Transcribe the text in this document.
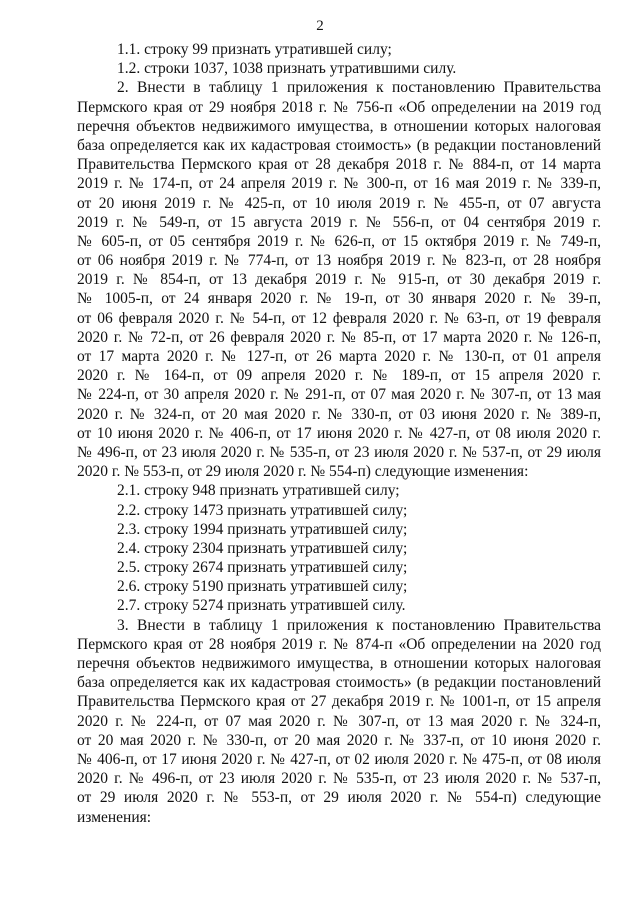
2
1.1. строку 99 признать утратившей силу;
1.2. строки 1037, 1038 признать утратившими силу.
2. Внести в таблицу 1 приложения к постановлению Правительства
Пермского края от 29 ноября 2018 г. № 756-п «Об определении на 2019 год
перечня объектов недвижимого имущества, в отношении которых налоговая
база определяется как их кадастровая стоимость» (в редакции постановлений
Правительства Пермского края от 28 декабря 2018 г. № 884-п, от 14 марта
2019 г. № 174-п, от 24 апреля 2019 г. № 300-п, от 16 мая 2019 г. № 339-п,
от 20 июня 2019 г. № 425-п, от 10 июля 2019 г. № 455-п, от 07 августа
2019 г. № 549-п, от 15 августа 2019 г. № 556-п, от 04 сентября 2019 г.
№ 605-п, от 05 сентября 2019 г. № 626-п, от 15 октября 2019 г. № 749-п,
от 06 ноября 2019 г. № 774-п, от 13 ноября 2019 г. № 823-п, от 28 ноября
2019 г. № 854-п, от 13 декабря 2019 г. № 915-п, от 30 декабря 2019 г.
№ 1005-п, от 24 января 2020 г. № 19-п, от 30 января 2020 г. № 39-п,
от 06 февраля 2020 г. № 54-п, от 12 февраля 2020 г. № 63-п, от 19 февраля
2020 г. № 72-п, от 26 февраля 2020 г. № 85-п, от 17 марта 2020 г. № 126-п,
от 17 марта 2020 г. № 127-п, от 26 марта 2020 г. № 130-п, от 01 апреля
2020 г. № 164-п, от 09 апреля 2020 г. № 189-п, от 15 апреля 2020 г.
№ 224-п, от 30 апреля 2020 г. № 291-п, от 07 мая 2020 г. № 307-п, от 13 мая
2020 г. № 324-п, от 20 мая 2020 г. № 330-п, от 03 июня 2020 г. № 389-п,
от 10 июня 2020 г. № 406-п, от 17 июня 2020 г. № 427-п, от 08 июля 2020 г.
№ 496-п, от 23 июля 2020 г. № 535-п, от 23 июля 2020 г. № 537-п, от 29 июля
2020 г. № 553-п, от 29 июля 2020 г. № 554-п) следующие изменения:
2.1. строку 948 признать утратившей силу;
2.2. строку 1473 признать утратившей силу;
2.3. строку 1994 признать утратившей силу;
2.4. строку 2304 признать утратившей силу;
2.5. строку 2674 признать утратившей силу;
2.6. строку 5190 признать утратившей силу;
2.7. строку 5274 признать утратившей силу.
3. Внести в таблицу 1 приложения к постановлению Правительства
Пермского края от 28 ноября 2019 г. № 874-п «Об определении на 2020 год
перечня объектов недвижимого имущества, в отношении которых налоговая
база определяется как их кадастровая стоимость» (в редакции постановлений
Правительства Пермского края от 27 декабря 2019 г. № 1001-п, от 15 апреля
2020 г. № 224-п, от 07 мая 2020 г. № 307-п, от 13 мая 2020 г. № 324-п,
от 20 мая 2020 г. № 330-п, от 20 мая 2020 г. № 337-п, от 10 июня 2020 г.
№ 406-п, от 17 июня 2020 г. № 427-п, от 02 июля 2020 г. № 475-п, от 08 июля
2020 г. № 496-п, от 23 июля 2020 г. № 535-п, от 23 июля 2020 г. № 537-п,
от 29 июля 2020 г. № 553-п, от 29 июля 2020 г. № 554-п) следующие
изменения:
